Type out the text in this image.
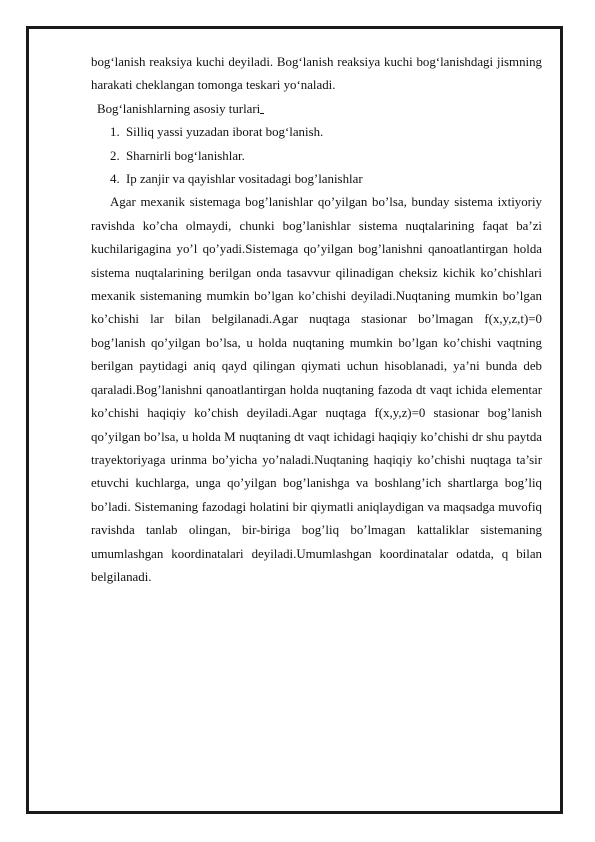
bog‘lanish reaksiya kuchi deyiladi. Bog‘lanish reaksiya kuchi bog‘lanishdagi jismning harakati cheklangan tomonga teskari yo‘naladi.

Bog‘lanishlarning asosiy turlari

1. Silliq yassi yuzadan iborat bog‘lanish.
2. Sharnirli bog‘lanishlar.
4. Ip zanjir va qayishlar vositadagi bog’lanishlar

Agar mexanik sistemaga bog’lanishlar qo’yilgan bo’lsa, bunday sistema ixtiyoriy ravishda ko’cha olmaydi, chunki bog’lanishlar sistema nuqtalarining faqat ba’zi kuchilarigagina yo’l qo’yadi.Sistemaga qo’yilgan bog’lanishni qanoatlantirgan holda sistema nuqtalarining berilgan onda tasavvur qilinadigan cheksiz kichik ko’chishlari mexanik sistemaning mumkin bo’lgan ko’chishi deyiladi.Nuqtaning mumkin bo’lgan ko’chishi lar bilan belgilanadi.Agar nuqtaga stasionar bo’lmagan f(x,y,z,t)=0 bog’lanish qo’yilgan bo’lsa, u holda nuqtaning mumkin bo’lgan ko’chishi vaqtning berilgan paytidagi aniq qayd qilingan qiymati uchun hisoblanadi, ya’ni bunda deb qaraladi.Bog’lanishni qanoatlantirgan holda nuqtaning fazoda dt vaqt ichida elementar ko’chishi haqiqiy ko’chish deyiladi.Agar nuqtaga f(x,y,z)=0 stasionar bog’lanish qo’yilgan bo’lsa, u holda M nuqtaning dt vaqt ichidagi haqiqiy ko’chishi dr shu paytda trayektoriyaga urinma bo’yicha yo’naladi.Nuqtaning haqiqiy ko’chishi nuqtaga ta’sir etuvchi kuchlarga, unga qo’yilgan bog’lanishga va boshlang’ich shartlarga bog’liq bo’ladi. Sistemaning fazodagi holatini bir qiymatli aniqlaydigan va maqsadga muvofiq ravishda tanlab olingan, bir-biriga bog’liq bo’lmagan kattaliklar sistemaning umumlashgan koordinatalari deyiladi.Umumlashgan koordinatalar odatda, q bilan belgilanadi.
